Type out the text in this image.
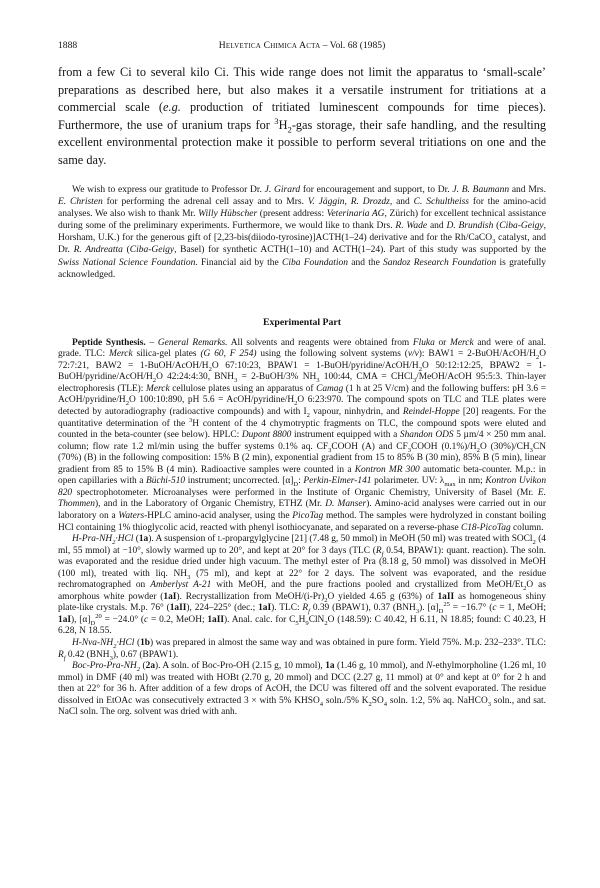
1888	Helvetica Chimica Acta – Vol. 68 (1985)

from a few Ci to several kilo Ci. This wide range does not limit the apparatus to ‘small-scale’ preparations as described here, but also makes it a versatile instrument for tritiations at a commercial scale (e.g. production of tritiated luminescent compounds for time pieces). Furthermore, the use of uranium traps for $^3H_2$-gas storage, their safe handling, and the resulting excellent environmental protection make it possible to perform several tritiations on one and the same day.

We wish to express our gratitude to Professor Dr. J. Girard for encouragement and support, to Dr. J. B. Baumann and Mrs. E. Christen for performing the adrenal cell assay and to Mrs. V. Jäggin, R. Drozdz, and C. Schultheiss for the amino-acid analyses. We also wish to thank Mr. Willy Hübscher (present address: Veterinaria AG, Zürich) for excellent technical assistance during some of the preliminary experiments. Furthermore, we would like to thank Drs. R. Wade and D. Brundish (Ciba-Geigy, Horsham, U.K.) for the generous gift of [2,23-bis(diiodo-tyrosine)]ACTH(1–24) derivative and for the Rh/CaCO$_3$ catalyst, and Dr. R. Andreatta (Ciba-Geigy, Basel) for synthetic ACTH(1–10) and ACTH(1–24). Part of this study was supported by the Swiss National Science Foundation. Financial aid by the Ciba Foundation and the Sandoz Research Foundation is gratefully acknowledged.
Experimental Part

Peptide Synthesis. – General Remarks. All solvents and reagents were obtained from Fluka or Merck and were of anal. grade. TLC: Merck silica-gel plates (G 60, F 254) using the following solvent systems (v/v): $BAW1 = 2-BuOH/AcOH/H_2O$ 72:7:21, $BAW2 = 1-BuOH/AcOH/H_2O$ 67:10:23, BPAW1 = $1-BuOH/pyridine/AcOH/H_2O$ 50:12:12:25, BPAW2 = $1-BuOH/pyridine/AcOH/H_2O$ 42:24:4:30, $BNH_3$ = 2-BuOH/3% $NH_3$ 100:44, CMA = CHCl$_3$/MeOH/AcOH 95:5:3. Thin-layer electrophoresis (TLE): Merck cellulose plates using an apparatus of Camag (1 h at 25 V/cm) and the following buffers: pH 3.6 = AcOH/$pyridine/H_2O$ 100:10:890, pH 5.6 = AcOH/$pyridine/H_2O$ 6:23:970. The compound spots on TLC and TLE plates were detected by autoradiography (radioactive compounds) and with $I_2$ vapour, ninhydrin, and Reindel-Hoppe [20] reagents. For the quantitative determination of the $^3$H content of the 4 chymotryptic fragments on TLC, the compound spots were eluted and counted in the beta-counter (see below). HPLC: Dupont 8800 instrument equipped with a Shandon ODS 5 µm/4 × 250 mm anal. column; flow rate 1.2 ml/min using the buffer systems 0.1% aq. $CF_3COOH$ (A) and $CF_3COOH$ $(0.1\%)/H_2O$ $(30\%)/CH_3CN$ (70%) (B) in the following composition: 15% B (2 min), exponential gradient from 15 to 85% B (30 min), 85% B (5 min), linear gradient from 85 to 15% B (4 min). Radioactive samples were counted in a Kontron MR 300 automatic beta-counter. M.p.: in open capillaries with a Büchi-510 instrument; uncorrected. $[\alpha]_D$: Perkin-Elmer-141 polarimeter. UV: $\lambda_{max}$ in nm; Kontron Uvikon 820 spectrophotometer. Microanalyses were performed in the Institute of Organic Chemistry, University of Basel (Mr. E. Thommen), and in the Laboratory of Organic Chemistry, ETHZ (Mr. D. Manser). Amino-acid analyses were carried out in our laboratory on a Waters-HPLC amino-acid analyser, using the PicoTag method. The samples were hydrolyzed in constant boiling HCl containing 1% thioglycolic acid, reacted with phenyl isothiocyanate, and separated on a reverse-phase C18-PicoTag column.

$H-Pra-NH_2\cdot HCl$ (1a). A suspension of l-propargylglycine [21] (7.48 g, 50 mmol) in MeOH (50 ml) was treated with SOCl$_2$ (4 ml, 55 mmol) at −10°, slowly warmed up to 20°, and kept at 20° for 3 days (TLC ($R_f$ 0.54, BPAW1): quant. reaction). The soln. was evaporated and the residue dried under high vacuum. The methyl ester of Pra (8.18 g, 50 mmol) was dissolved in MeOH (100 ml), treated with liq. $NH_3$ (75 ml), and kept at 22° for 2 days. The solvent was evaporated, and the residue rechromatographed on Amberlyst A-21 with MeOH, and the pure fractions pooled and crystallized from MeOH/$Et_2O$ as amorphous white powder (1aI). Recrystallization from MeOH/$(i-Pr)_2O$ yielded 4.65 g (63%) of 1aII as homogeneous shiny plate-like crystals. M.p. 76° (1aII), 224–225° (dec.; 1aI). TLC: $R_f$ 0.39 (BPAW1), 0.37 $(BNH_3)$. $[\alpha]_D^{25} = -16.7^\circ$ (c = 1, MeOH; 1aI), $[\alpha]_D^{20} = -24.0^\circ$ (c = 0.2, MeOH; 1aII). Anal. calc. for $C_5H_9ClN_2O$ (148.59): C 40.42, H 6.11, N 18.85; found: C 40.23, H 6.28, N 18.55.

$H-Nva-NH_2\cdot HCl$ (1b) was prepared in almost the same way and was obtained in pure form. Yield 75%. M.p. 232–233°. TLC: $R_f$ 0.42 $(BNH_3)$, 0.67 (BPAW1).

Boc-$Pro-Pra-NH_2$ (2a). A soln. of Boc-Pro-OH (2.15 g, 10 mmol), 1a (1.46 g, 10 mmol), and N-ethylmorpholine (1.26 ml, 10 mmol) in DMF (40 ml) was treated with HOBt (2.70 g, 20 mmol) and DCC (2.27 g, 11 mmol) at 0° and kept at 0° for 2 h and then at 22° for 36 h. After addition of a few drops of AcOH, the DCU was filtered off and the solvent evaporated. The residue dissolved in EtOAc was consecutively extracted 3 × with 5% $KHSO_4$ soln./5% $K_2SO_4$ soln. 1:2, 5% aq. NaHCO$_3$ soln., and sat. NaCl soln. The org. solvent was dried with anh.
